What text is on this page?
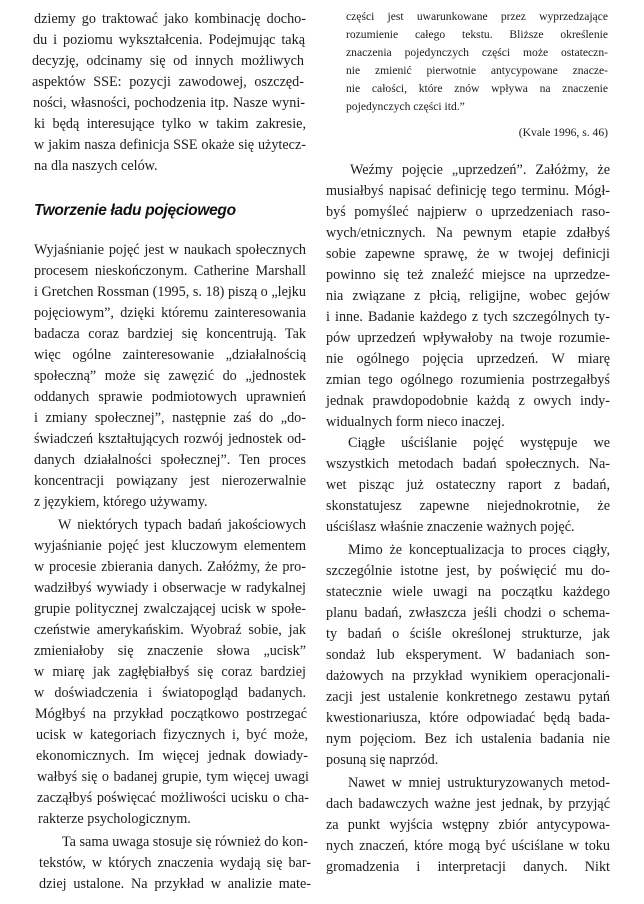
dziemy go traktować jako kombinację docho-
du i poziomu wykształcenia. Podejmując taką
decyzję, odcinamy się od innych możliwych
aspektów SSE: pozycji zawodowej, oszczęd-
ności, własności, pochodzenia itp. Nasze wyni-
ki będą interesujące tylko w takim zakresie,
w jakim nasza definicja SSE okaże się użytecz-
na dla naszych celów.
Tworzenie ładu pojęciowego
Wyjaśnianie pojęć jest w naukach społecznych
procesem nieskończonym. Catherine Marshall
i Gretchen Rossman (1995, s. 18) piszą o „lejku
pojęciowym”, dzięki któremu zainteresowania
badacza coraz bardziej się koncentrują. Tak
więc ogólne zainteresowanie „działalnością
społeczną” może się zawęzić do „jednostek
oddanych sprawie podmiotowych uprawnień
i zmiany społecznej”, następnie zaś do „do-
świadczeń kształtujących rozwój jednostek od-
danych działalności społecznej”. Ten proces
koncentracji powiązany jest nierozerwalnie
z językiem, którego używamy.
W niektórych typach badań jakościowych
wyjaśnianie pojęć jest kluczowym elementem
w procesie zbierania danych. Załóżmy, że pro-
wadziłbyś wywiady i obserwacje w radykalnej
grupie politycznej zwalczającej ucisk w społe-
czeństwie amerykańskim. Wyobraź sobie, jak
zmieniałoby się znaczenie słowa „ucisk”
w miarę jak zagłębiałbyś się coraz bardziej
w doświadczenia i światopogląd badanych.
Mógłbyś na przykład początkowo postrzegać
ucisk w kategoriach fizycznych i, być może,
ekonomicznych. Im więcej jednak dowiady-
wałbyś się o badanej grupie, tym więcej uwagi
zacząłbyś poświęcać możliwości ucisku o cha-
rakterze psychologicznym.
Ta sama uwaga stosuje się również do kon-
tekstów, w których znaczenia wydają się bar-
dziej ustalone. Na przykład w analizie mate-
części jest uwarunkowane przez wyprzedzające
rozumienie całego tekstu. Bliższe określenie
znaczenia pojedynczych części może ostateczn-
nie zmienić pierwotnie antycypowane znacze-
nie całości, które znów wpływa na znaczenie
pojedynczych części itd.”
(Kvale 1996, s. 46)
Weźmy pojęcie „uprzedzeń”. Załóżmy, że
musiałbyś napisać definicję tego terminu. Mógł-
byś pomyśleć najpierw o uprzedzeniach raso-
wych/etnicznych. Na pewnym etapie zdałbyś
sobie zapewne sprawę, że w twojej definicji
powinno się też znaleźć miejsce na uprzedze-
nia związane z płcią, religijne, wobec gejów
i inne. Badanie każdego z tych szczególnych ty-
pów uprzedzeń wpływałoby na twoje rozumie-
nie ogólnego pojęcia uprzedzeń. W miarę
zmian tego ogólnego rozumienia postrzegałbyś
jednak prawdopodobnie każdą z owych indy-
widualnych form nieco inaczej.
Ciągłe uściślanie pojęć występuje we
wszystkich metodach badań społecznych. Na-
wet pisząc już ostateczny raport z badań,
skonstatujesz zapewne niejednokrotnie, że
uściślasz właśnie znaczenie ważnych pojęć.
Mimo że konceptualizacja to proces ciągły,
szczególnie istotne jest, by poświęcić mu do-
statecznie wiele uwagi na początku każdego
planu badań, zwłaszcza jeśli chodzi o schema-
ty badań o ściśle określonej strukturze, jak
sondaż lub eksperyment. W badaniach son-
dażowych na przykład wynikiem operacjonali-
zacji jest ustalenie konkretnego zestawu pytań
kwestionariusza, które odpowiadać będą bada-
nym pojęciom. Bez ich ustalenia badania nie
posuną się naprzód.
Nawet w mniej ustrukturyzowanych metod-
dach badawczych ważne jest jednak, by przyjąć
za punkt wyjścia wstępny zbiór antycypowa-
nych znaczeń, które mogą być uściślane w toku
gromadzenia i interpretacji danych. Nikt
